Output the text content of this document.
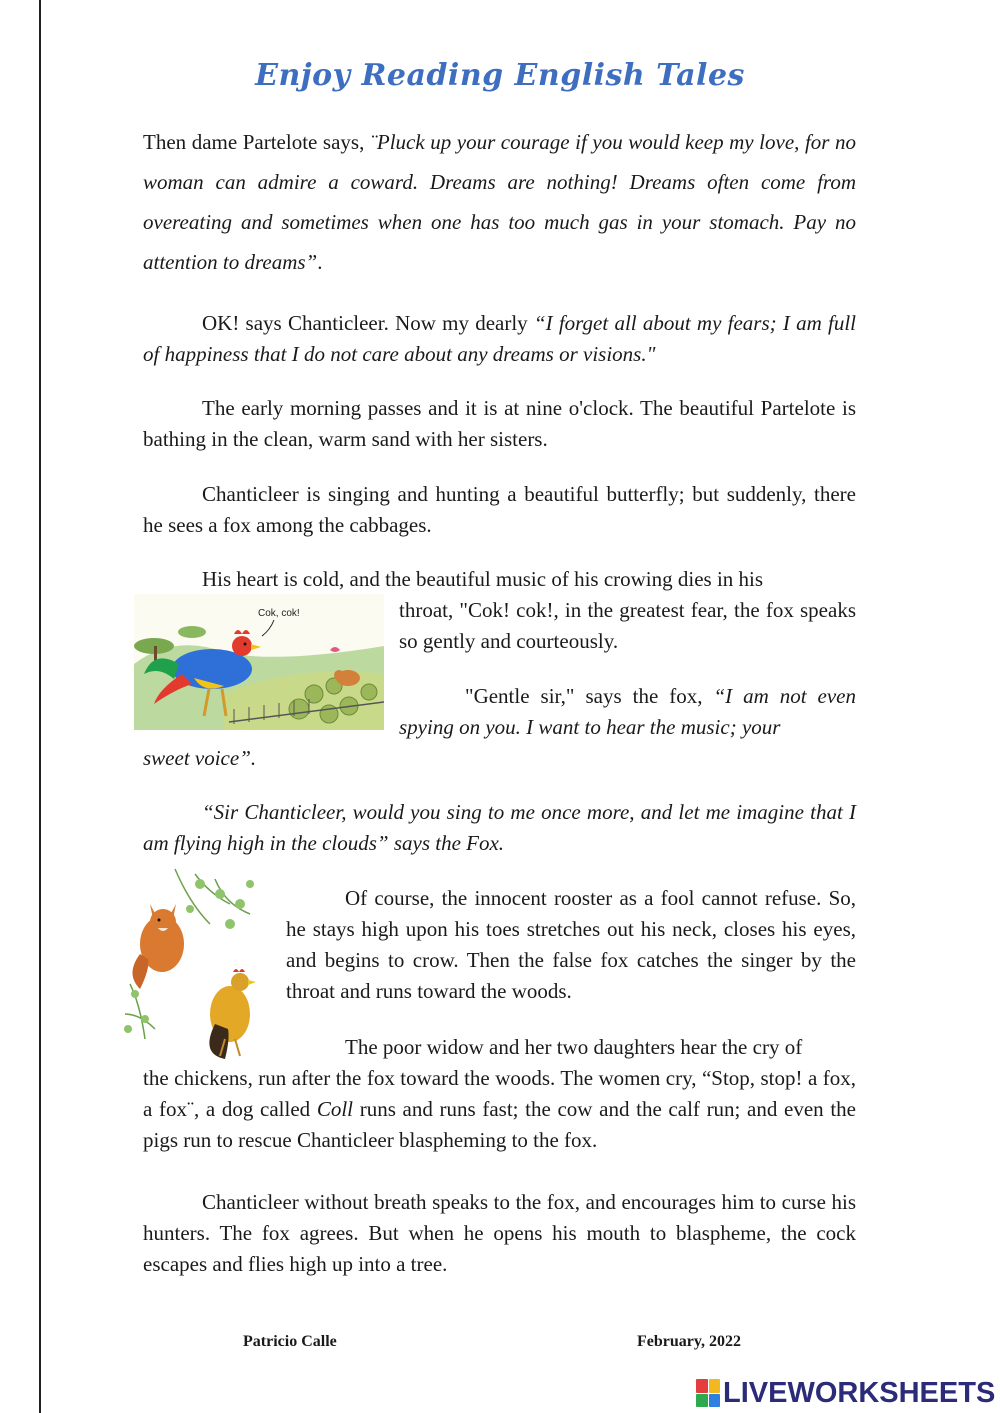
Enjoy Reading English Tales

Then dame Partelote says, ¨Pluck up your courage if you would keep my love, for no woman can admire a coward. Dreams are nothing! Dreams often come from overeating and sometimes when one has too much gas in your stomach. Pay no attention to dreams”.

OK! says Chanticleer. Now my dearly “I forget all about my fears; I am full of happiness that I do not care about any dreams or visions."

The early morning passes and it is at nine o'clock. The beautiful Partelote is bathing in the clean, warm sand with her sisters.

Chanticleer is singing and hunting a beautiful butterfly; but suddenly, there he sees a fox among the cabbages.

His heart is cold, and the beautiful music of his crowing dies in his

throat, "Cok! cok!, in the greatest fear, the fox speaks so gently and courteously.

"Gentle sir," says the fox, “I am not even spying on you. I want to hear the music; your

sweet voice”.

“Sir Chanticleer, would you sing to me once more, and let me imagine that I am flying high in the clouds” says the Fox.

Of course, the innocent rooster as a fool cannot refuse. So, he stays high upon his toes stretches out his neck, closes his eyes, and begins to crow. Then the false fox catches the singer by the throat and runs toward the woods.

The poor widow and her two daughters hear the cry of

the chickens, run after the fox toward the woods. The women cry, “Stop, stop! a fox, a fox¨, a dog called Coll runs and runs fast; the cow and the calf run; and even the pigs run to rescue Chanticleer blaspheming to the fox.

Chanticleer without breath speaks to the fox, and encourages him to curse his hunters. The fox agrees. But when he opens his mouth to blaspheme, the cock escapes and flies high up into a tree.

Cok, cok!
Patricio Calle	February, 2022
LIVEWORKSHEETS
